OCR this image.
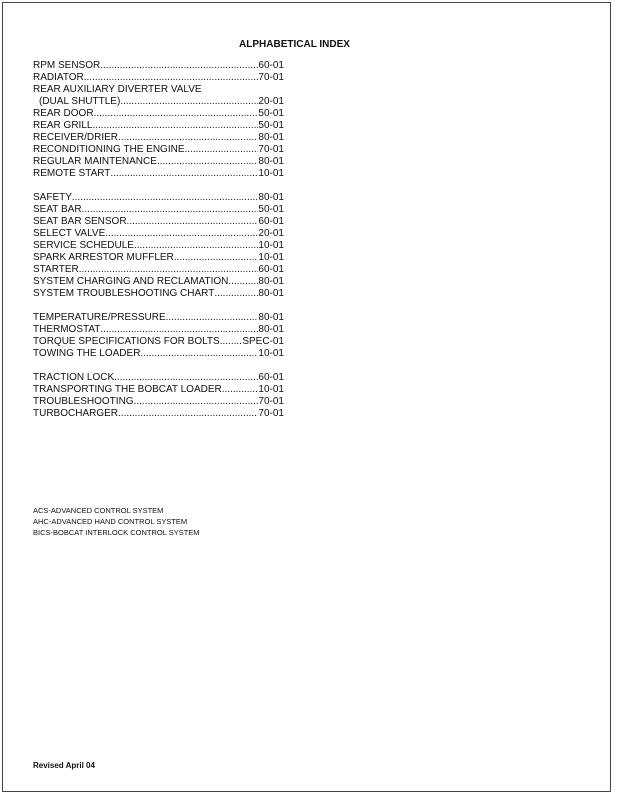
ALPHABETICAL INDEX
RPM SENSOR .....	60-01
RADIATOR .....	70-01
REAR AUXILIARY DIVERTER VALVE
(DUAL SHUTTLE) .....	20-01
REAR DOOR .....	50-01
REAR GRILL .....	50-01
RECEIVER/DRIER .....	80-01
RECONDITIONING THE ENGINE .....	70-01
REGULAR MAINTENANCE .....	80-01
REMOTE START .....	10-01
SAFETY .....	80-01
SEAT BAR .....	50-01
SEAT BAR SENSOR .....	60-01
SELECT VALVE .....	20-01
SERVICE SCHEDULE .....	10-01
SPARK ARRESTOR MUFFLER .....	10-01
STARTER .....	60-01
SYSTEM CHARGING AND RECLAMATION .....	80-01
SYSTEM TROUBLESHOOTING CHART .....	80-01
TEMPERATURE/PRESSURE .....	80-01
THERMOSTAT .....	80-01
TORQUE SPECIFICATIONS FOR BOLTS ..... SPEC-01
TOWING THE LOADER .....	10-01
TRACTION LOCK .....	60-01
TRANSPORTING THE BOBCAT LOADER .....	10-01
TROUBLESHOOTING .....	70-01
TURBOCHARGER .....	70-01
ACS-ADVANCED CONTROL SYSTEM
AHC-ADVANCED HAND CONTROL SYSTEM
BICS-BOBCAT INTERLOCK CONTROL SYSTEM
Revised April 04
